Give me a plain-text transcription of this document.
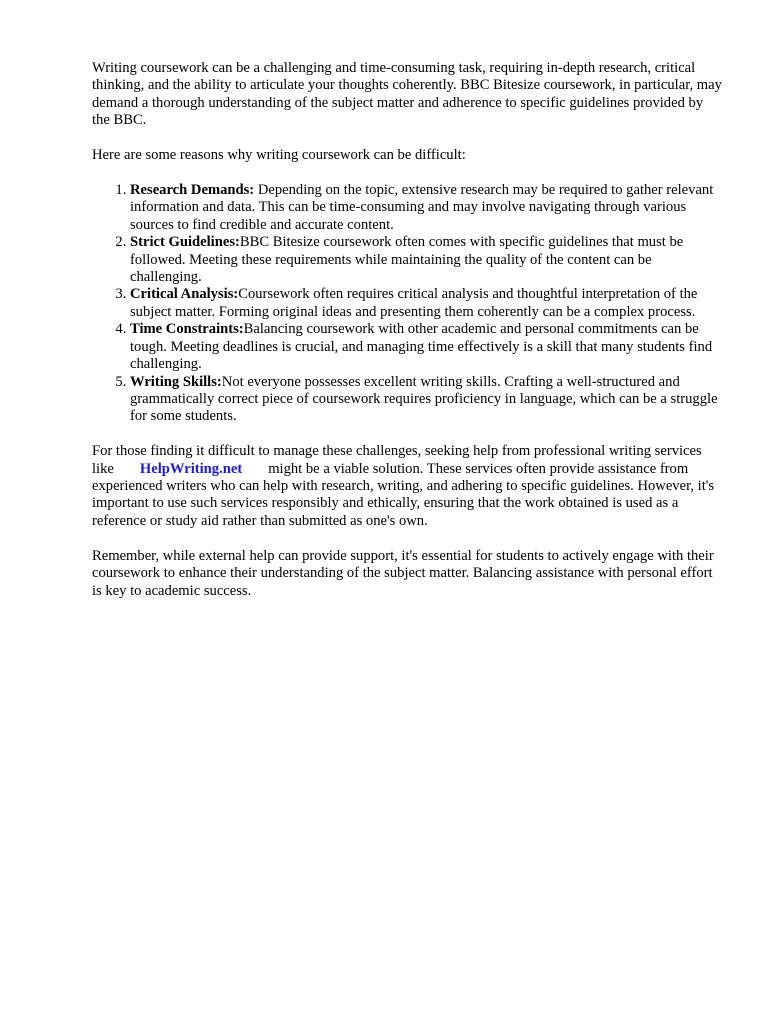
Writing coursework can be a challenging and time-consuming task, requiring in-depth research, critical thinking, and the ability to articulate your thoughts coherently. BBC Bitesize coursework, in particular, may demand a thorough understanding of the subject matter and adherence to specific guidelines provided by the BBC.

Here are some reasons why writing coursework can be difficult:

1. Research Demands: Depending on the topic, extensive research may be required to gather relevant information and data. This can be time-consuming and may involve navigating through various sources to find credible and accurate content.
2. Strict Guidelines:BBC Bitesize coursework often comes with specific guidelines that must be followed. Meeting these requirements while maintaining the quality of the content can be challenging.
3. Critical Analysis:Coursework often requires critical analysis and thoughtful interpretation of the subject matter. Forming original ideas and presenting them coherently can be a complex process.
4. Time Constraints:Balancing coursework with other academic and personal commitments can be tough. Meeting deadlines is crucial, and managing time effectively is a skill that many students find challenging.
5. Writing Skills:Not everyone possesses excellent writing skills. Crafting a well-structured and grammatically correct piece of coursework requires proficiency in language, which can be a struggle for some students.

For those finding it difficult to manage these challenges, seeking help from professional writing services like HelpWriting.net might be a viable solution. These services often provide assistance from experienced writers who can help with research, writing, and adhering to specific guidelines. However, it's important to use such services responsibly and ethically, ensuring that the work obtained is used as a reference or study aid rather than submitted as one's own.

Remember, while external help can provide support, it's essential for students to actively engage with their coursework to enhance their understanding of the subject matter. Balancing assistance with personal effort is key to academic success.
